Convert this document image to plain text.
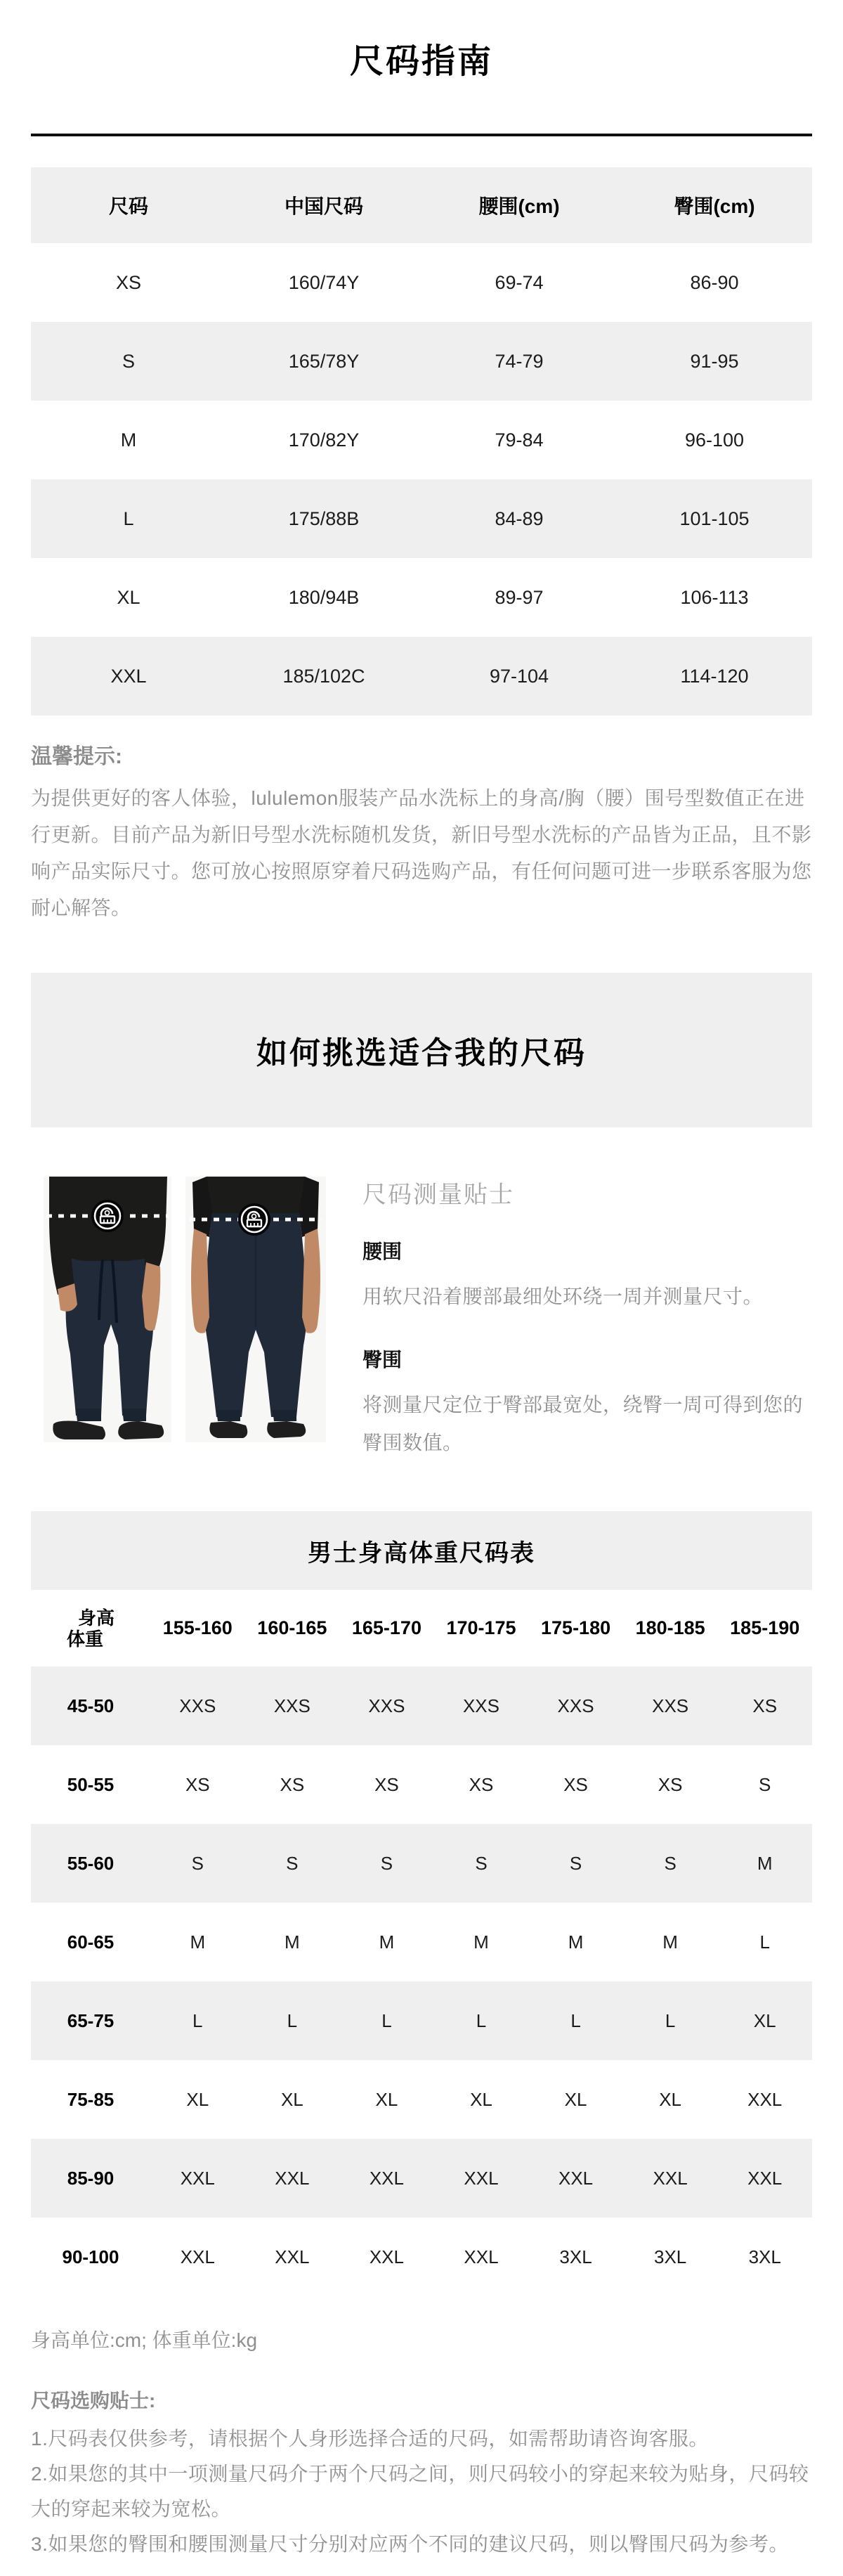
尺码指南
尺码	中国尺码	腰围(cm)	臀围(cm)
XS	160/74Y	69-74	86-90
S	165/78Y	74-79	91-95
M	170/82Y	79-84	96-100
L	175/88B	84-89	101-105
XL	180/94B	89-97	106-113
XXL	185/102C	97-104	114-120
温馨提示:

为提供更好的客人体验，lululemon服装产品水洗标上的身高/胸（腰）围号型数值正在进行更新。目前产品为新旧号型水洗标随机发货，新旧号型水洗标的产品皆为正品，且不影响产品实际尺寸。您可放心按照原穿着尺码选购产品，有任何问题可进一步联系客服为您耐心解答。

如何挑选适合我的尺码
尺码测量贴士
腰围

用软尺沿着腰部最细处环绕一周并测量尺寸。

臀围

将测量尺定位于臀部最宽处，绕臀一周可得到您的臀围数值。

男士身高体重尺码表
身高
体重
155-160	160-165	165-170	170-175	175-180	180-185	185-190
45-50	XXS	XXS	XXS	XXS	XXS	XXS	XS
50-55	XS	XS	XS	XS	XS	XS	S
55-60	S	S	S	S	S	S	M
60-65	M	M	M	M	M	M	L
65-75	L	L	L	L	L	L	XL
75-85	XL	XL	XL	XL	XL	XL	XXL
85-90	XXL	XXL	XXL	XXL	XXL	XXL	XXL
90-100	XXL	XXL	XXL	XXL	3XL	3XL	3XL

身高单位:cm; 体重单位:kg

尺码选购贴士:

1.尺码表仅供参考，请根据个人身形选择合适的尺码，如需帮助请咨询客服。

2.如果您的其中一项测量尺码介于两个尺码之间，则尺码较小的穿起来较为贴身，尺码较大的穿起来较为宽松。

3.如果您的臀围和腰围测量尺寸分别对应两个不同的建议尺码，则以臀围尺码为参考。
